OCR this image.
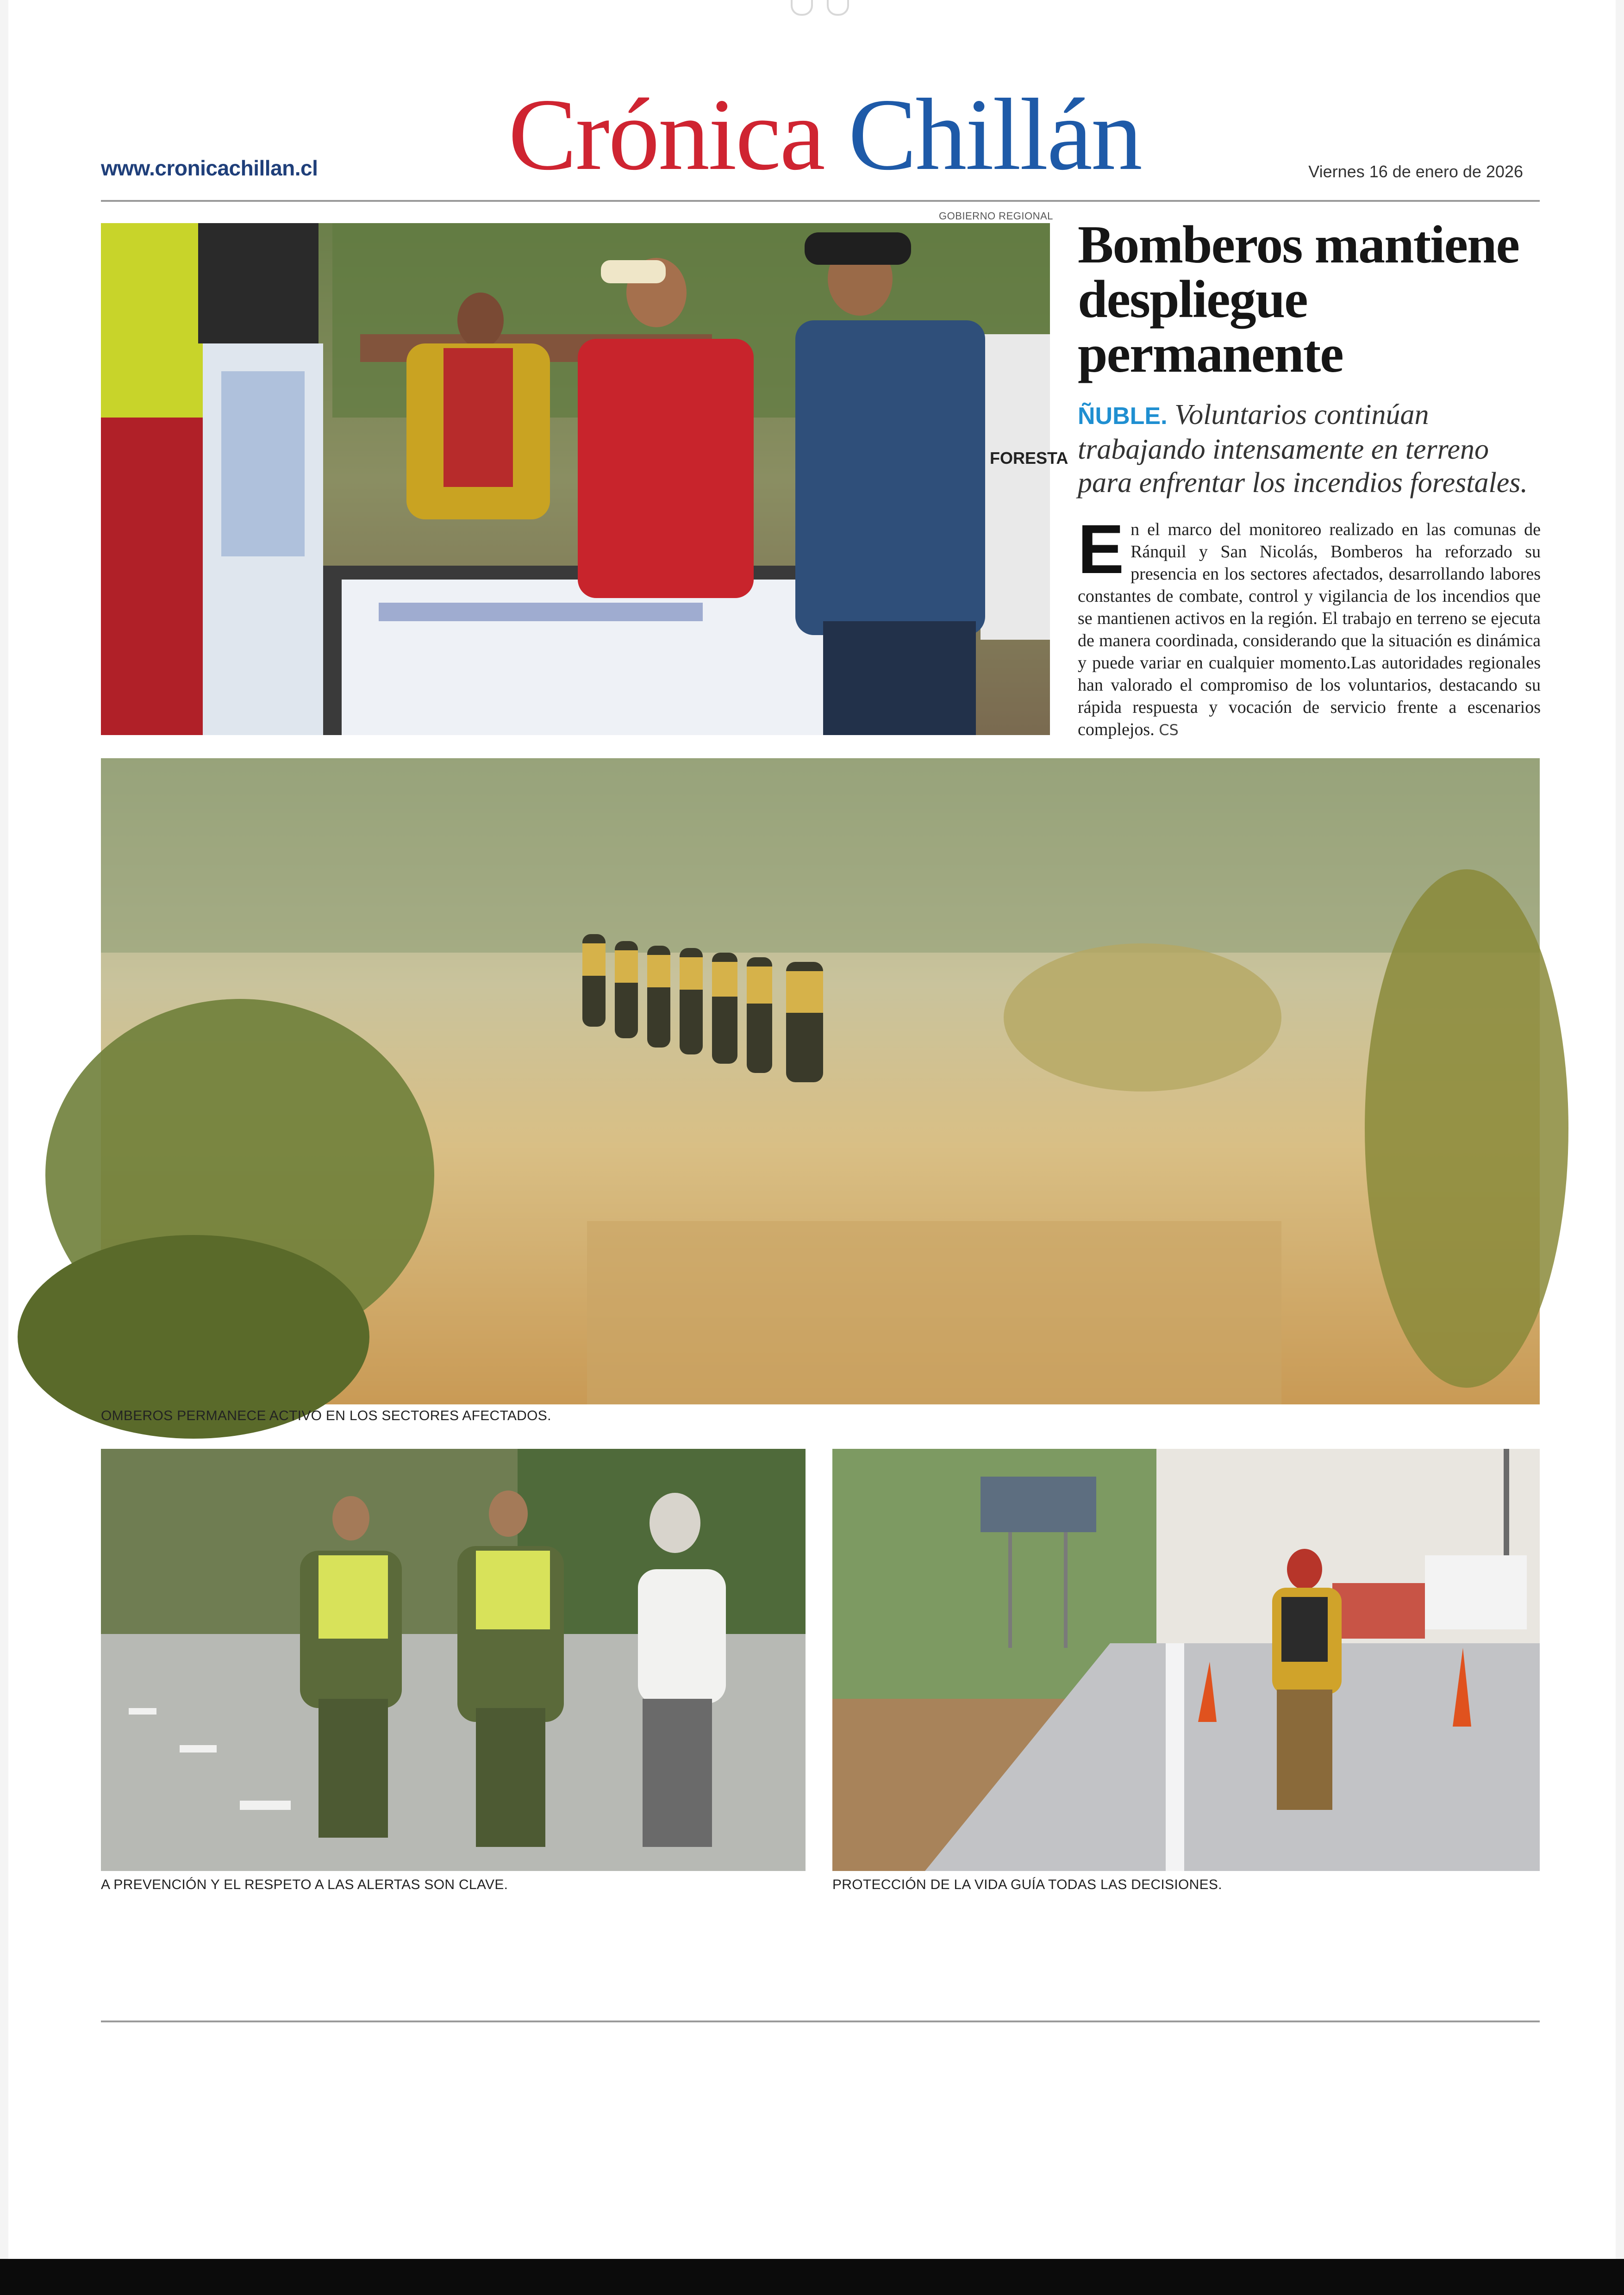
www.cronicachillan.cl Crónica Chillán	Viernes 16 de enero de 2026
GOBIERNO REGIONAL
FORESTA
Bomberos mantiene despliegue permanente
ÑUBLE. Voluntarios continúan trabajando intensamente en terreno para enfrentar los incendios forestales.
En el marco del monitoreo realizado en las comunas de Ránquil y San Nicolás, Bomberos ha reforzado su presencia en los sectores afectados, desarrollando labores constantes de combate, control y vigilancia de los incendios que se mantienen activos en la región. El trabajo en terreno se ejecuta de manera coordinada, considerando que la situación es dinámica y puede variar en cualquier momento.Las autoridades regionales han valorado el compromiso de los voluntarios, destacando su rápida respuesta y vocación de servicio frente a escenarios complejos. CS
OMBEROS PERMANECE ACTIVO EN LOS SECTORES AFECTADOS.
A PREVENCIÓN Y EL RESPETO A LAS ALERTAS SON CLAVE.	PROTECCIÓN DE LA VIDA GUÍA TODAS LAS DECISIONES.
